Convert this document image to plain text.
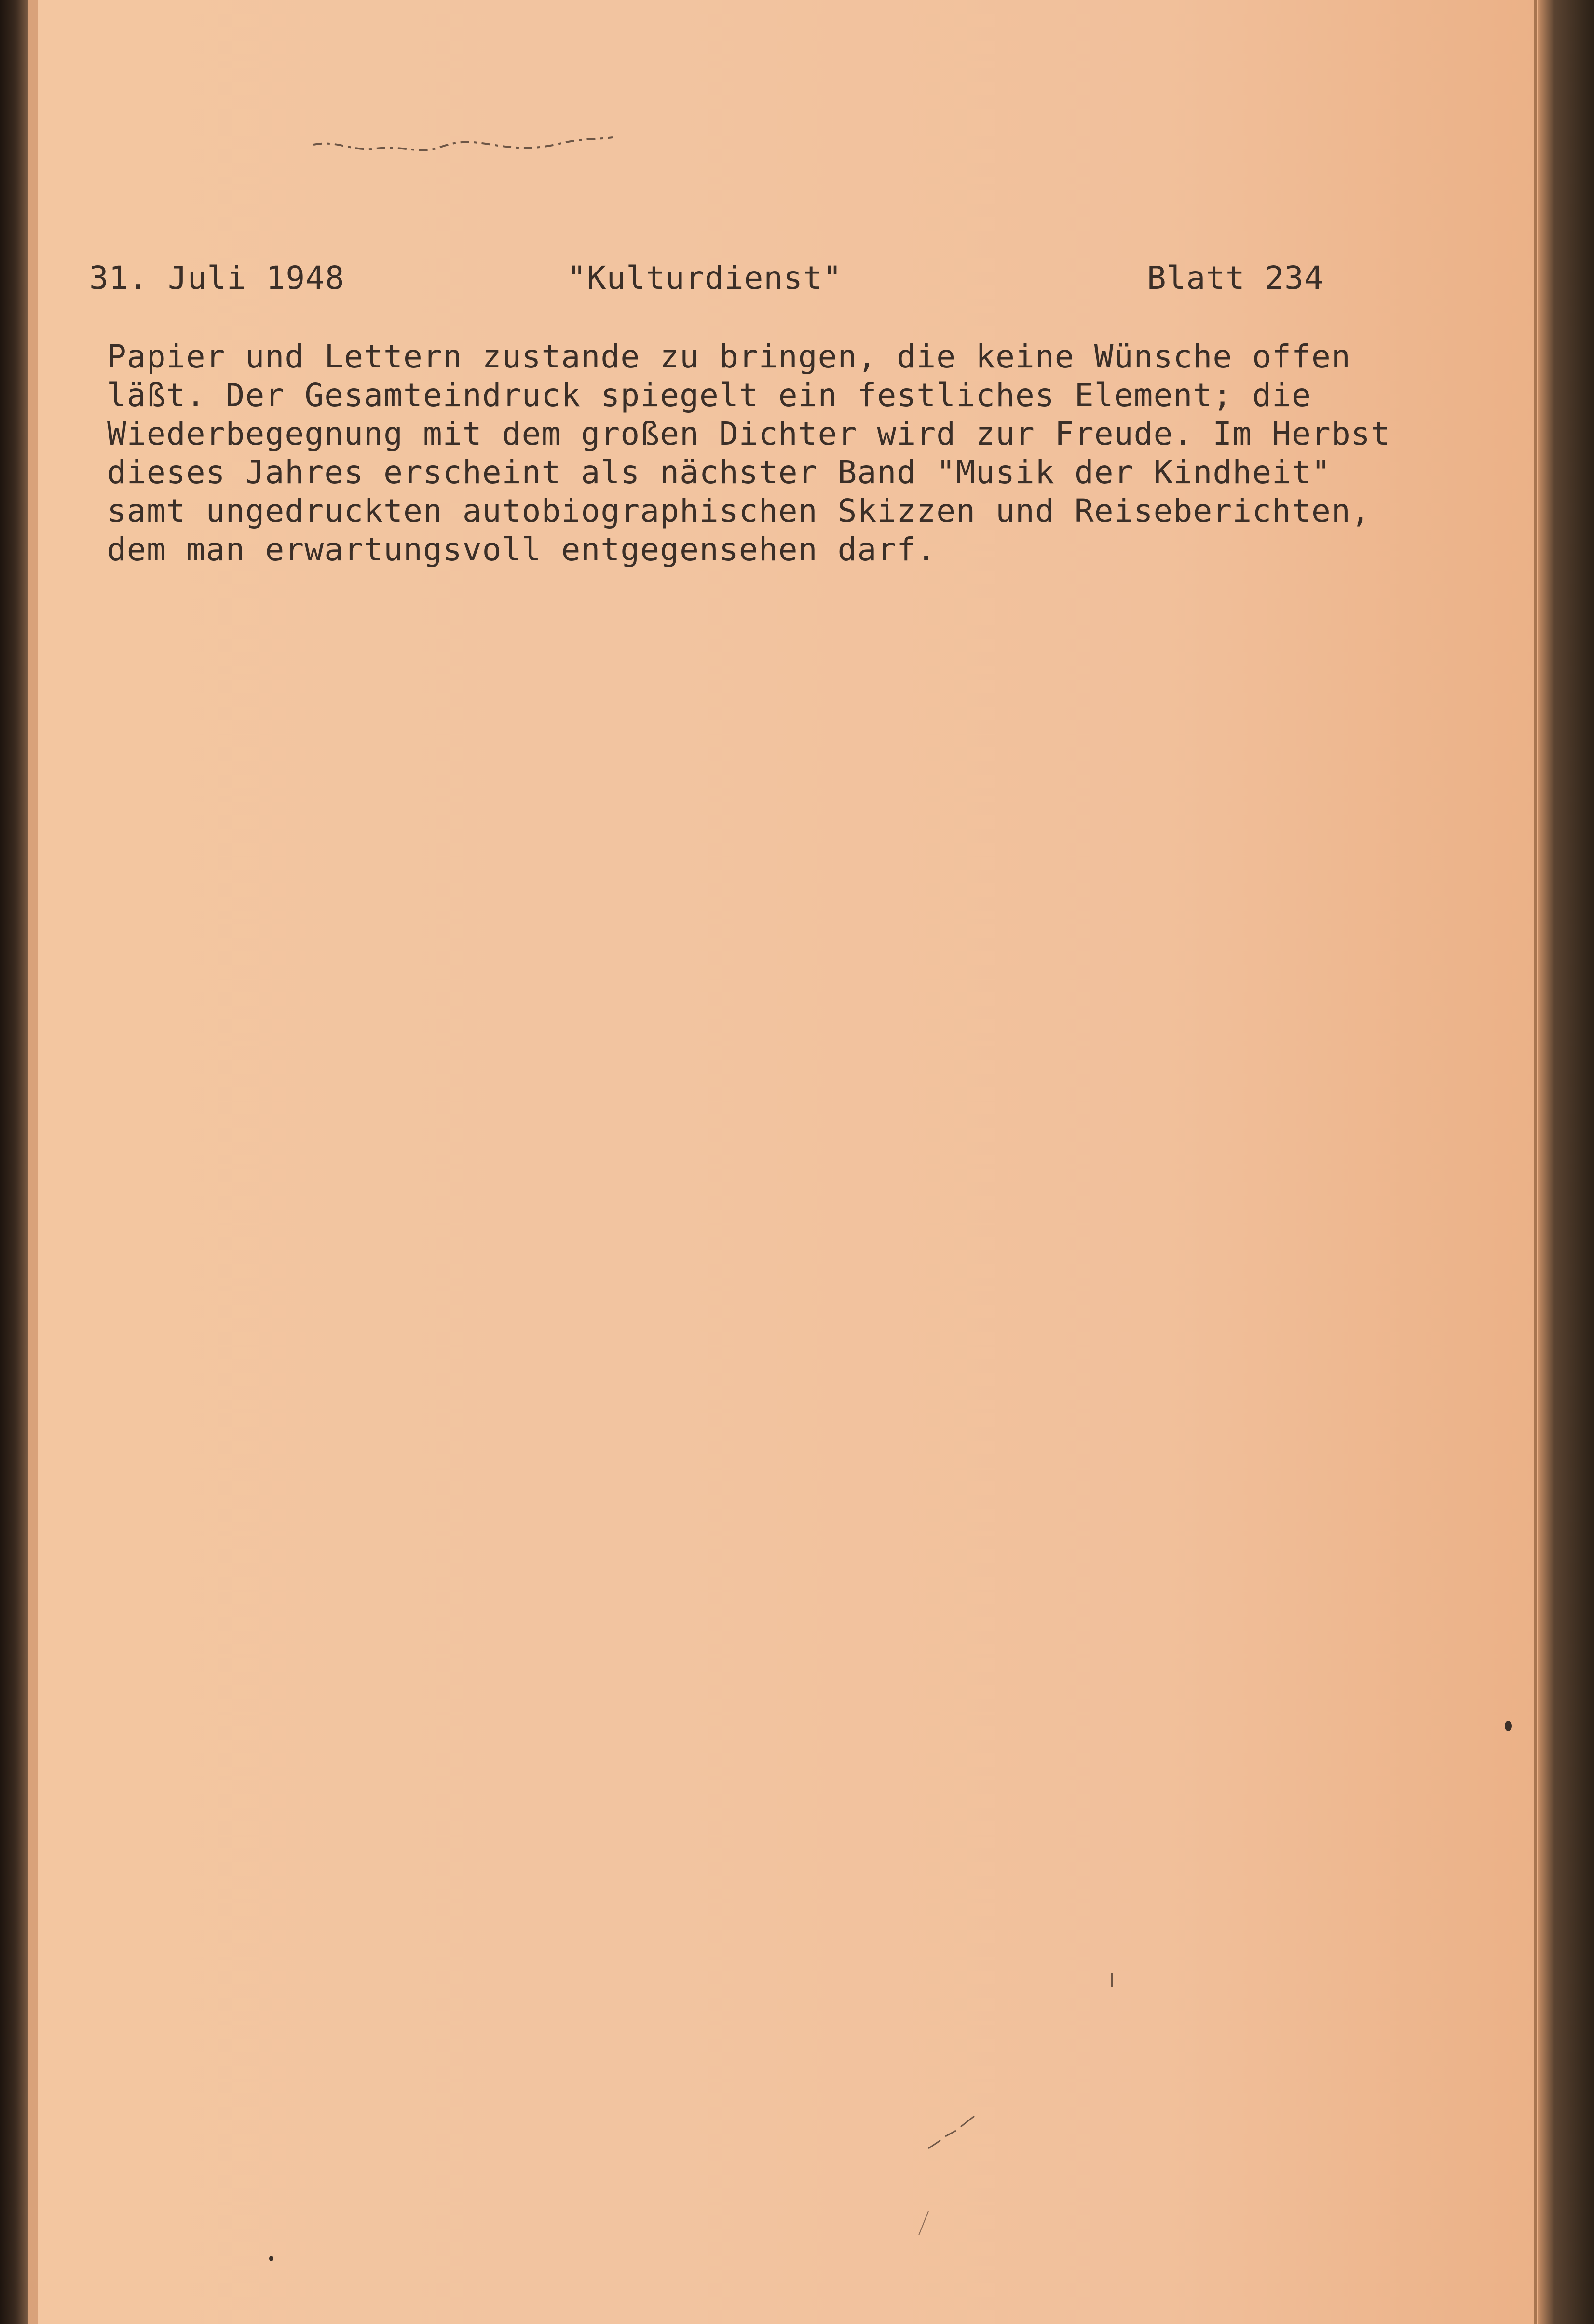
31. Juli 1948	"Kulturdienst"	Blatt 234
Papier und Lettern zustande zu bringen, die keine Wünsche offen
läßt. Der Gesamteindruck spiegelt ein festliches Element; die
Wiederbegegnung mit dem großen Dichter wird zur Freude. Im Herbst
dieses Jahres erscheint als nächster Band "Musik der Kindheit"
samt ungedruckten autobiographischen Skizzen und Reiseberichten,
dem man erwartungsvoll entgegensehen darf.
